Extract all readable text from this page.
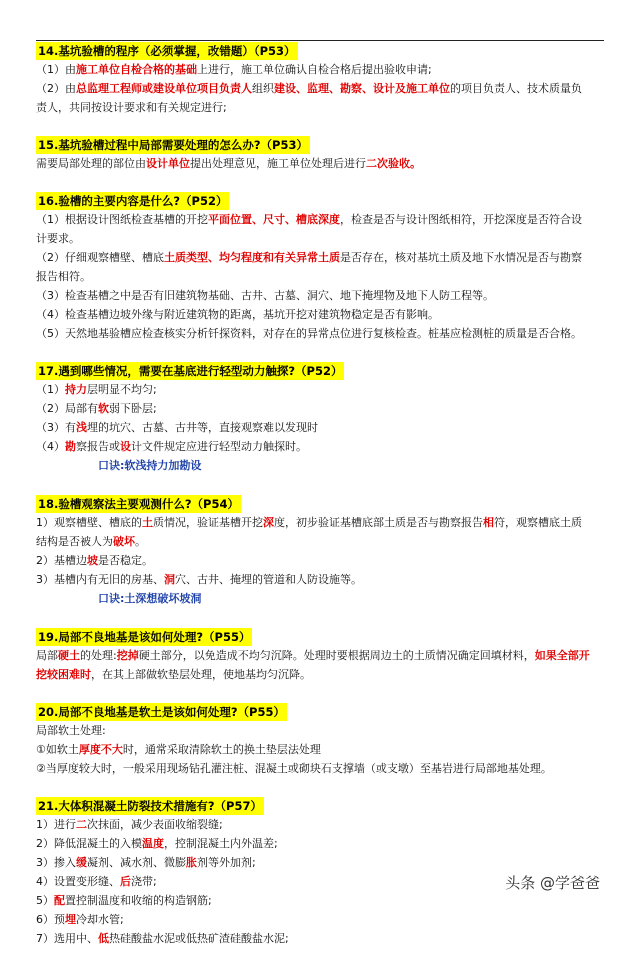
14.基坑验槽的程序（必须掌握，改错题）（P53）
（1）由施工单位自检合格的基础上进行，施工单位确认自检合格后提出验收申请;
（2）由总监理工程师或建设单位项目负责人组织建设、监理、勘察、设计及施工单位的项目负责人、技术质量负
责人，共同按设计要求和有关规定进行;
15.基坑验槽过程中局部需要处理的怎么办?（P53）
需要局部处理的部位由设计单位提出处理意见，施工单位处理后进行二次验收。
16.验槽的主要内容是什么?（P52）
（1）根据设计图纸检查基槽的开挖平面位置、尺寸、槽底深度，检查是否与设计图纸相符，开挖深度是否符合设
计要求。
（2）仔细观察槽壁、槽底土质类型、均匀程度和有关异常土质是否存在，核对基坑土质及地下水情况是否与勘察
报告相符。
（3）检查基槽之中是否有旧建筑物基础、古井、古墓、洞穴、地下掩埋物及地下人防工程等。
（4）检查基槽边坡外缘与附近建筑物的距离，基坑开挖对建筑物稳定是否有影响。
（5）天然地基验槽应检查核实分析钎探资料，对存在的异常点位进行复核检查。桩基应检测桩的质量是否合格。
17.遇到哪些情况，需要在基底进行轻型动力触探?（P52）
（1）持力层明显不均匀;
（2）局部有软弱下卧层;
（3）有浅埋的坑穴、古墓、古井等，直接观察难以发现时
（4）勘察报告或设计文件规定应进行轻型动力触探时。
口诀:软浅持力加勘设
18.验槽观察法主要观测什么?（P54）
1）观察槽壁、槽底的土质情况，验证基槽开挖深度，初步验证基槽底部土质是否与勘察报告相符，观察槽底土质
结构是否被人为破坏。
2）基槽边坡是否稳定。
3）基槽内有无旧的房基、洞穴、古井、掩埋的管道和人防设施等。
口诀:土深想破坏坡洞
19.局部不良地基是该如何处理?（P55）
局部硬土的处理:挖掉硬土部分，以免造成不均匀沉降。处理时要根据周边土的土质情况确定回填材料，如果全部开
挖较困难时，在其上部做软垫层处理，使地基均匀沉降。
20.局部不良地基是软土是该如何处理?（P55）
局部软土处理:
①如软土厚度不大时，通常采取清除软土的换土垫层法处理
②当厚度较大时，一般采用现场钻孔灌注桩、混凝土或砌块石支撑墙（或支墩）至基岩进行局部地基处理。
21.大体积混凝土防裂技术措施有?（P57）
1）进行二次抹面，减少表面收缩裂缝;
2）降低混凝土的入模温度，控制混凝土内外温差;
3）掺入缓凝剂、减水剂、微膨胀剂等外加剂;
4）设置变形缝、后浇带;
5）配置控制温度和收缩的构造钢筋;
6）预埋冷却水管;
7）选用中、低热硅酸盐水泥或低热矿渣硅酸盐水泥;
头条 @学爸爸
